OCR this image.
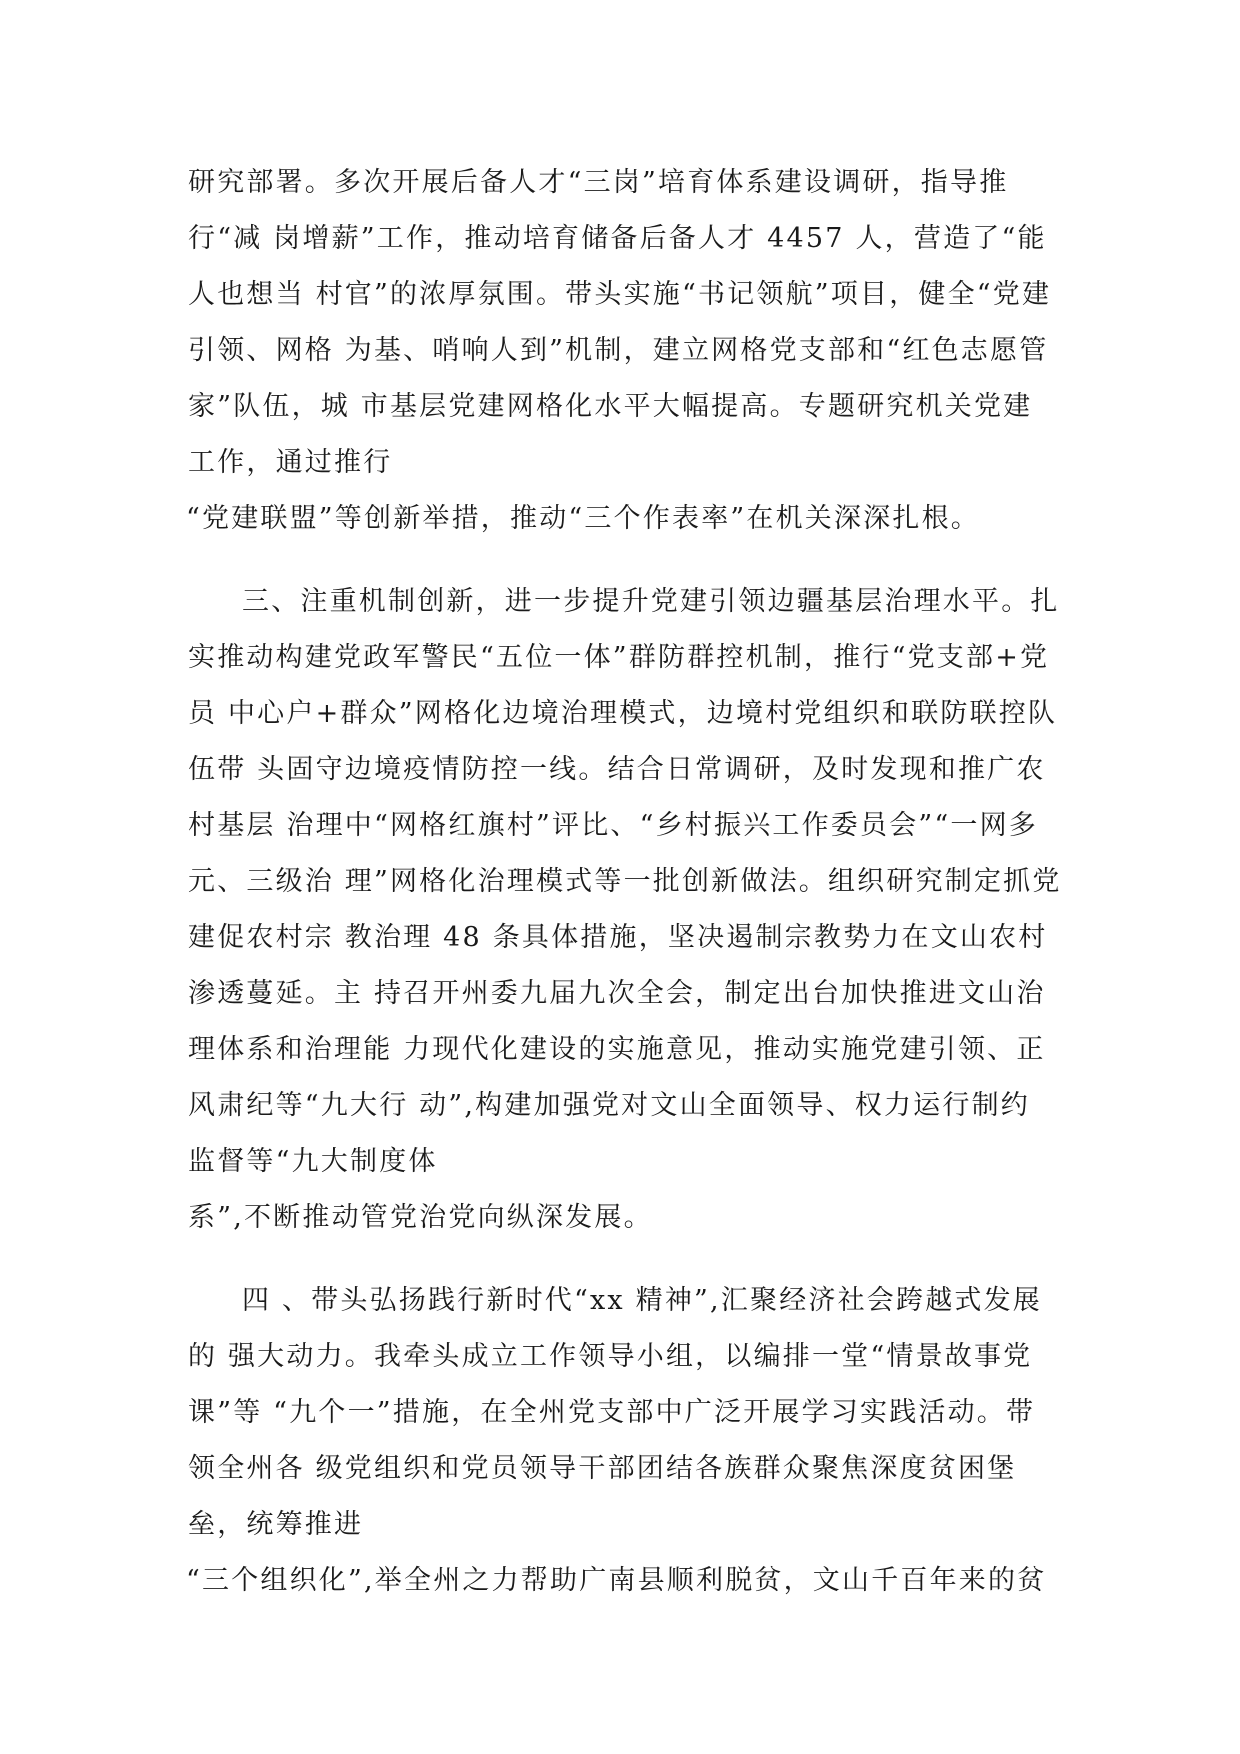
研究部署。多次开展后备人才“三岗”培育体系建设调研，指导推
行“减 岗增薪”工作，推动培育储备后备人才 4457 人，营造了“能
人也想当 村官”的浓厚氛围。带头实施“书记领航”项目，健全“党建
引领、网格 为基、哨响人到”机制，建立网格党支部和“红色志愿管
家”队伍，城 市基层党建网格化水平大幅提高。专题研究机关党建
工作，通过推行
“党建联盟”等创新举措，推动“三个作表率”在机关深深扎根。
三、注重机制创新，进一步提升党建引领边疆基层治理水平。扎
实推动构建党政军警民“五位一体”群防群控机制，推行“党支部+党
员 中心户+群众”网格化边境治理模式，边境村党组织和联防联控队
伍带 头固守边境疫情防控一线。结合日常调研，及时发现和推广农
村基层 治理中“网格红旗村”评比、“乡村振兴工作委员会”“一网多
元、三级治 理”网格化治理模式等一批创新做法。组织研究制定抓党
建促农村宗 教治理 48 条具体措施，坚决遏制宗教势力在文山农村
渗透蔓延。主 持召开州委九届九次全会，制定出台加快推进文山治
理体系和治理能 力现代化建设的实施意见，推动实施党建引领、正
风肃纪等“九大行 动”,构建加强党对文山全面领导、权力运行制约
监督等“九大制度体
系”,不断推动管党治党向纵深发展。
四 、带头弘扬践行新时代“xx 精神”,汇聚经济社会跨越式发展
的 强大动力。我牵头成立工作领导小组，以编排一堂“情景故事党
课”等 “九个一”措施，在全州党支部中广泛开展学习实践活动。带
领全州各 级党组织和党员领导干部团结各族群众聚焦深度贫困堡
垒，统筹推进
“三个组织化”,举全州之力帮助广南县顺利脱贫，文山千百年来的贫
